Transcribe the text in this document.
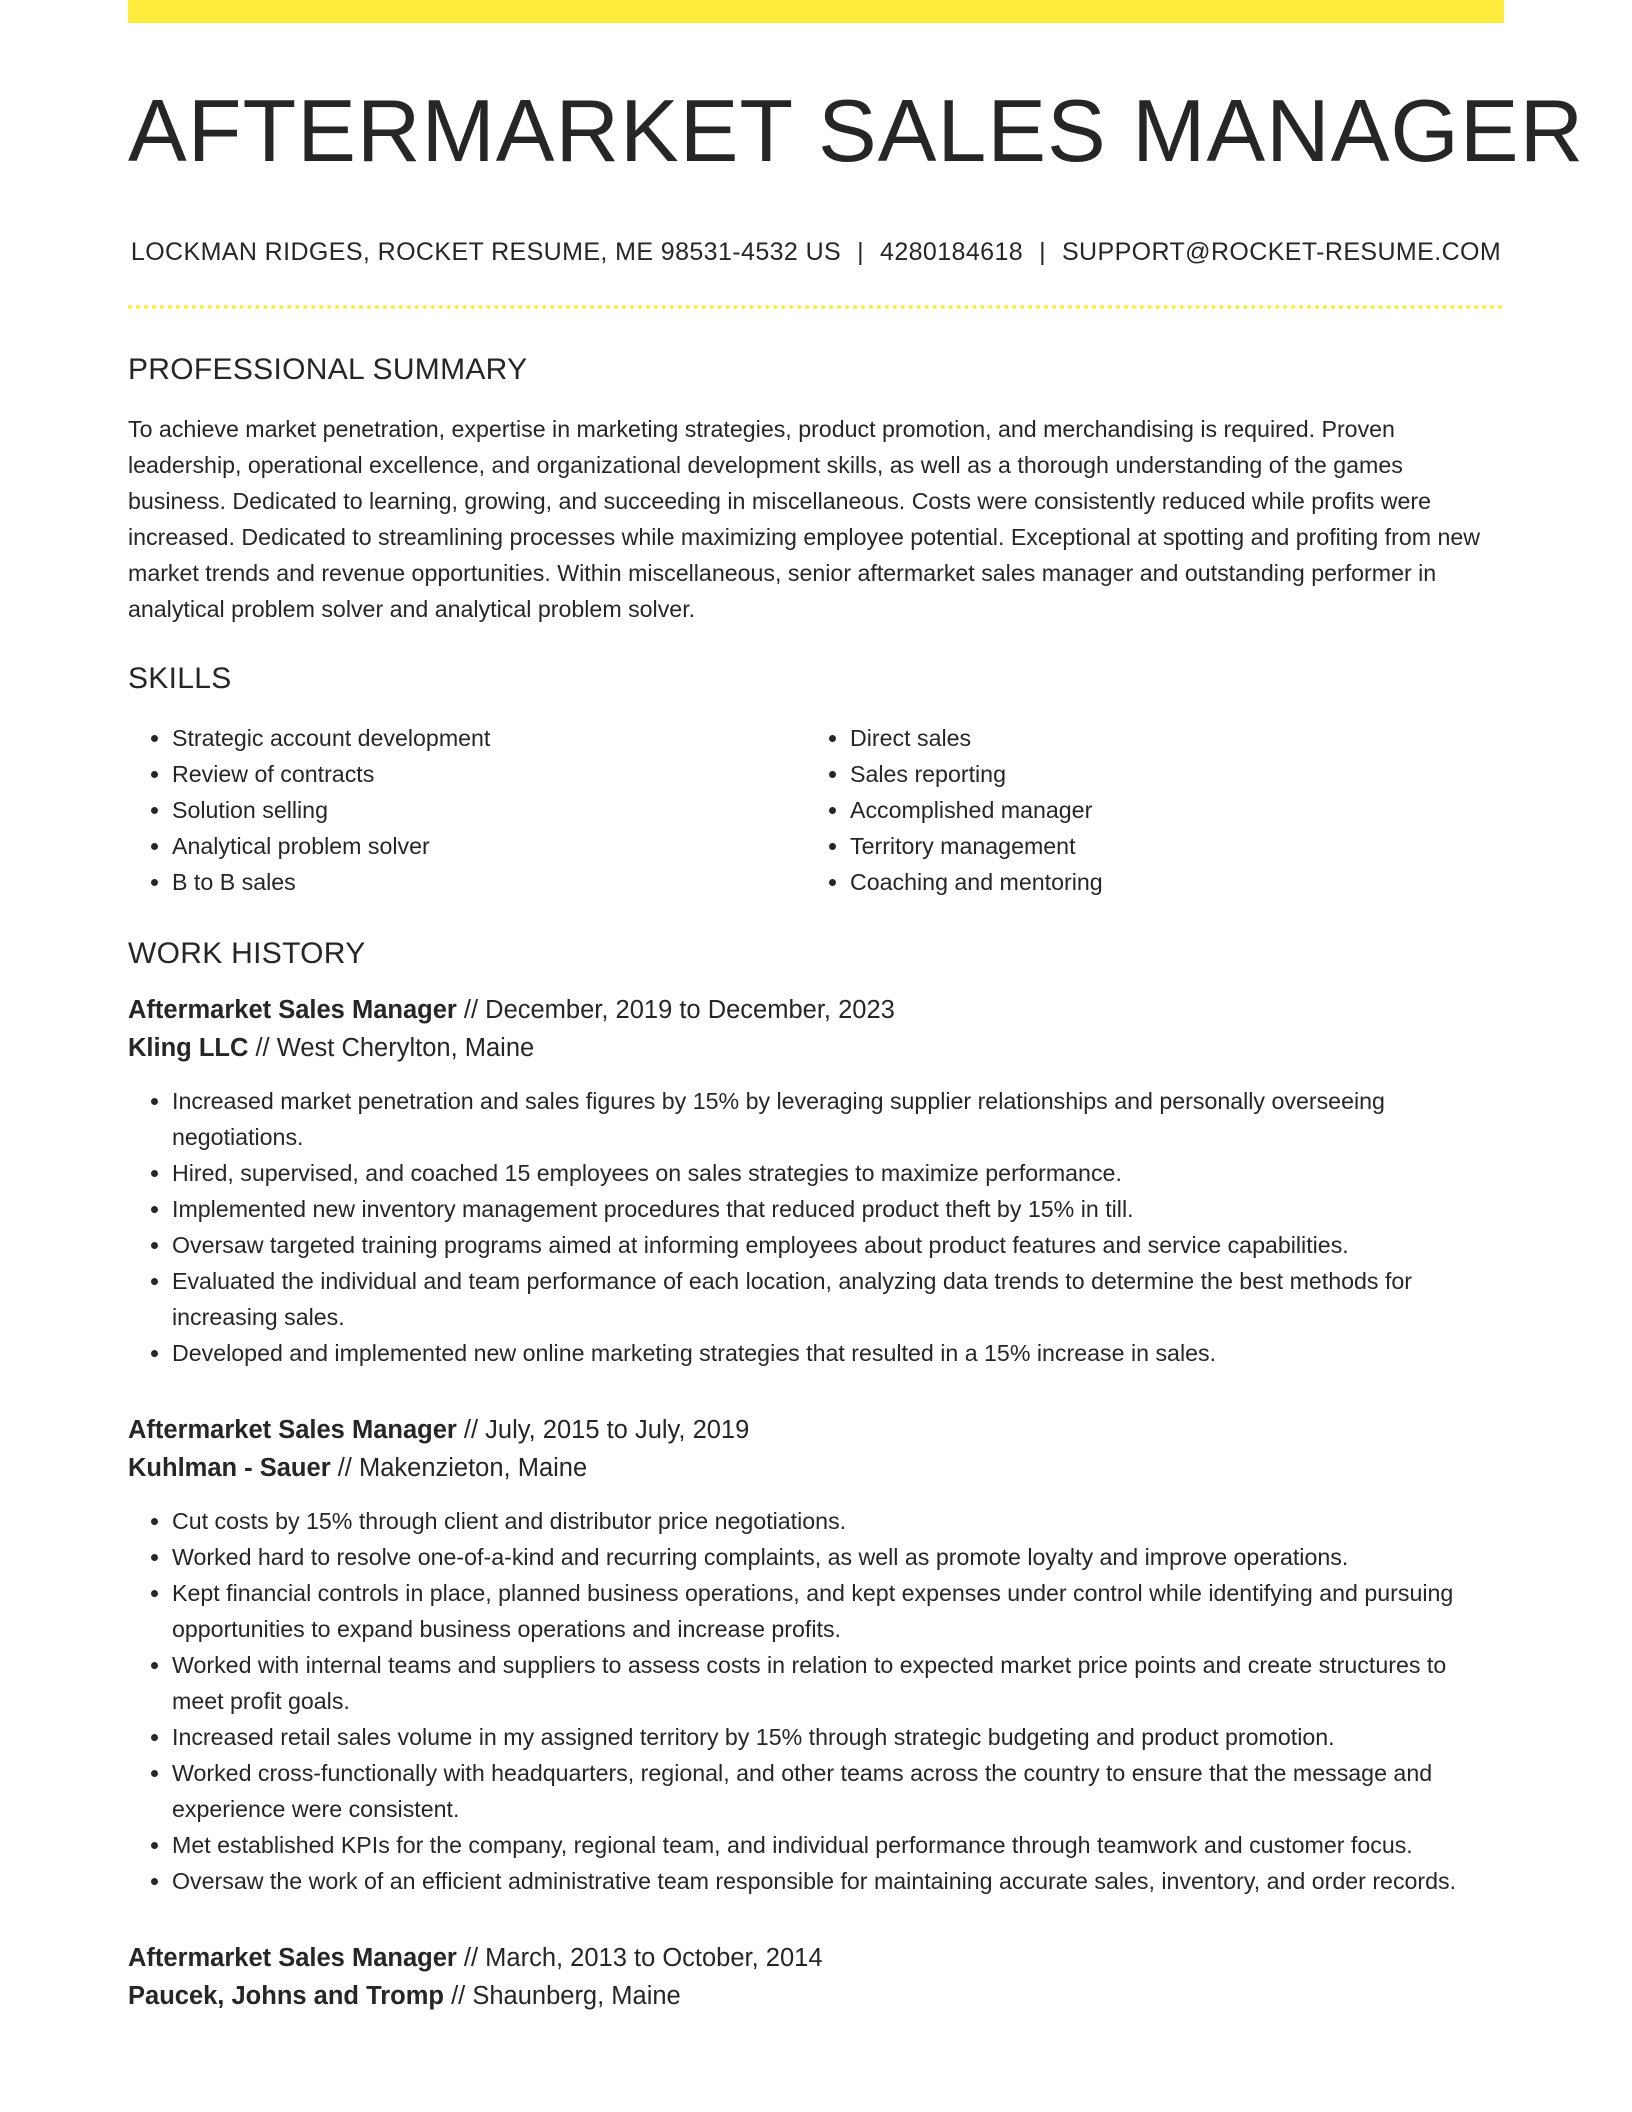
AFTERMARKET SALES MANAGER
LOCKMAN RIDGES, ROCKET RESUME, ME 98531-4532 US | 4280184618 | SUPPORT@ROCKET-RESUME.COM
PROFESSIONAL SUMMARY
To achieve market penetration, expertise in marketing strategies, product promotion, and merchandising is required. Proven leadership, operational excellence, and organizational development skills, as well as a thorough understanding of the games business. Dedicated to learning, growing, and succeeding in miscellaneous. Costs were consistently reduced while profits were increased. Dedicated to streamlining processes while maximizing employee potential. Exceptional at spotting and profiting from new market trends and revenue opportunities. Within miscellaneous, senior aftermarket sales manager and outstanding performer in analytical problem solver and analytical problem solver.
SKILLS
• Strategic account development
• Review of contracts
• Solution selling
• Analytical problem solver
• B to B sales
• Direct sales
• Sales reporting
• Accomplished manager
• Territory management
• Coaching and mentoring
WORK HISTORY
Aftermarket Sales Manager // December, 2019 to December, 2023
Kling LLC // West Cherylton, Maine
• Increased market penetration and sales figures by 15% by leveraging supplier relationships and personally overseeing negotiations.
• Hired, supervised, and coached 15 employees on sales strategies to maximize performance.
• Implemented new inventory management procedures that reduced product theft by 15% in till.
• Oversaw targeted training programs aimed at informing employees about product features and service capabilities.
• Evaluated the individual and team performance of each location, analyzing data trends to determine the best methods for increasing sales.
• Developed and implemented new online marketing strategies that resulted in a 15% increase in sales.
Aftermarket Sales Manager // July, 2015 to July, 2019
Kuhlman - Sauer // Makenzieton, Maine
• Cut costs by 15% through client and distributor price negotiations.
• Worked hard to resolve one-of-a-kind and recurring complaints, as well as promote loyalty and improve operations.
• Kept financial controls in place, planned business operations, and kept expenses under control while identifying and pursuing opportunities to expand business operations and increase profits.
• Worked with internal teams and suppliers to assess costs in relation to expected market price points and create structures to meet profit goals.
• Increased retail sales volume in my assigned territory by 15% through strategic budgeting and product promotion.
• Worked cross-functionally with headquarters, regional, and other teams across the country to ensure that the message and experience were consistent.
• Met established KPIs for the company, regional team, and individual performance through teamwork and customer focus.
• Oversaw the work of an efficient administrative team responsible for maintaining accurate sales, inventory, and order records.
Aftermarket Sales Manager // March, 2013 to October, 2014
Paucek, Johns and Tromp // Shaunberg, Maine
